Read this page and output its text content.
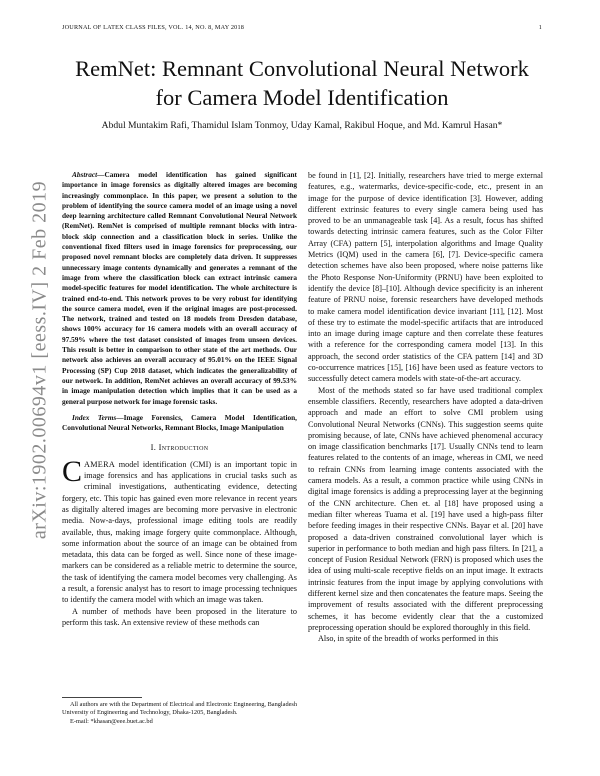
JOURNAL OF LATEX CLASS FILES, VOL. 14, NO. 8, MAY 2018	1
arXiv:1902.00694v1 [eess.IV] 2 Feb 2019
RemNet: Remnant Convolutional Neural Network for Camera Model Identification
Abdul Muntakim Rafi, Thamidul Islam Tonmoy, Uday Kamal, Rakibul Hoque, and Md. Kamrul Hasan*

Abstract—Camera model identification has gained significant importance in image forensics as digitally altered images are becoming increasingly commonplace. In this paper, we present a solution to the problem of identifying the source camera model of an image using a novel deep learning architecture called Remnant Convolutional Neural Network (RemNet). RemNet is comprised of multiple remnant blocks with intra-block skip connection and a classification block in series. Unlike the conventional fixed filters used in image forensics for preprocessing, our proposed novel remnant blocks are completely data driven. It suppresses unnecessary image contents dynamically and generates a remnant of the image from where the classification block can extract intrinsic camera model-specific features for model identification. The whole architecture is trained end-to-end. This network proves to be very robust for identifying the source camera model, even if the original images are post-processed. The network, trained and tested on 18 models from Dresden database, shows 100% accuracy for 16 camera models with an overall accuracy of 97.59% where the test dataset consisted of images from unseen devices. This result is better in comparison to other state of the art methods. Our network also achieves an overall accuracy of 95.01% on the IEEE Signal Processing (SP) Cup 2018 dataset, which indicates the generalizability of our network. In addition, RemNet achieves an overall accuracy of 99.53% in image manipulation detection which implies that it can be used as a general purpose network for image forensic tasks.

Index Terms—Image Forensics, Camera Model Identification, Convolutional Neural Networks, Remnant Blocks, Image Manipulation

I. Introduction

CAMERA model identification (CMI) is an important topic in image forensics and has applications in crucial tasks such as criminal investigations, authenticating evidence, detecting forgery, etc. This topic has gained even more relevance in recent years as digitally altered images are becoming more pervasive in electronic media. Now-a-days, professional image editing tools are readily available, thus, making image forgery quite commonplace. Although, some information about the source of an image can be obtained from metadata, this data can be forged as well. Since none of these image-markers can be considered as a reliable metric to determine the source, the task of identifying the camera model becomes very challenging. As a result, a forensic analyst has to resort to image processing techniques to identify the camera model with which an image was taken.

A number of methods have been proposed in the literature to perform this task. An extensive review of these methods can

be found in [1], [2]. Initially, researchers have tried to merge external features, e.g., watermarks, device-specific-code, etc., present in an image for the purpose of device identification [3]. However, adding different extrinsic features to every single camera being used has proved to be an unmanageable task [4]. As a result, focus has shifted towards detecting intrinsic camera features, such as the Color Filter Array (CFA) pattern [5], interpolation algorithms and Image Quality Metrics (IQM) used in the camera [6], [7]. Device-specific camera detection schemes have also been proposed, where noise patterns like the Photo Response Non-Uniformity (PRNU) have been exploited to identify the device [8]–[10]. Although device specificity is an inherent feature of PRNU noise, forensic researchers have developed methods to make camera model identification device invariant [11], [12]. Most of these try to estimate the model-specific artifacts that are introduced into an image during image capture and then correlate these features with a reference for the corresponding camera model [13]. In this approach, the second order statistics of the CFA pattern [14] and 3D co-occurrence matrices [15], [16] have been used as feature vectors to successfully detect camera models with state-of-the-art accuracy.

Most of the methods stated so far have used traditional complex ensemble classifiers. Recently, researchers have adopted a data-driven approach and made an effort to solve CMI problem using Convolutional Neural Networks (CNNs). This suggestion seems quite promising because, of late, CNNs have achieved phenomenal accuracy on image classification benchmarks [17]. Usually CNNs tend to learn features related to the contents of an image, whereas in CMI, we need to refrain CNNs from learning image contents associated with the camera models. As a result, a common practice while using CNNs in digital image forensics is adding a preprocessing layer at the beginning of the CNN architecture. Chen et. al [18] have proposed using a median filter whereas Tuama et al. [19] have used a high-pass filter before feeding images in their respective CNNs. Bayar et al. [20] have proposed a data-driven constrained convolutional layer which is superior in performance to both median and high pass filters. In [21], a concept of Fusion Residual Network (FRN) is proposed which uses the idea of using multi-scale receptive fields on an input image. It extracts intrinsic features from the input image by applying convolutions with different kernel size and then concatenates the feature maps. Seeing the improvement of results associated with the different preprocessing schemes, it has become evidently clear that the a customized preprocessing operation should be explored thoroughly in this field.

Also, in spite of the breadth of works performed in this

All authors are with the Department of Electrical and Electronic Engineering, Bangladesh University of Engineering and Technology, Dhaka-1205, Bangladesh.

E-mail: *khasan@eee.buet.ac.bd
